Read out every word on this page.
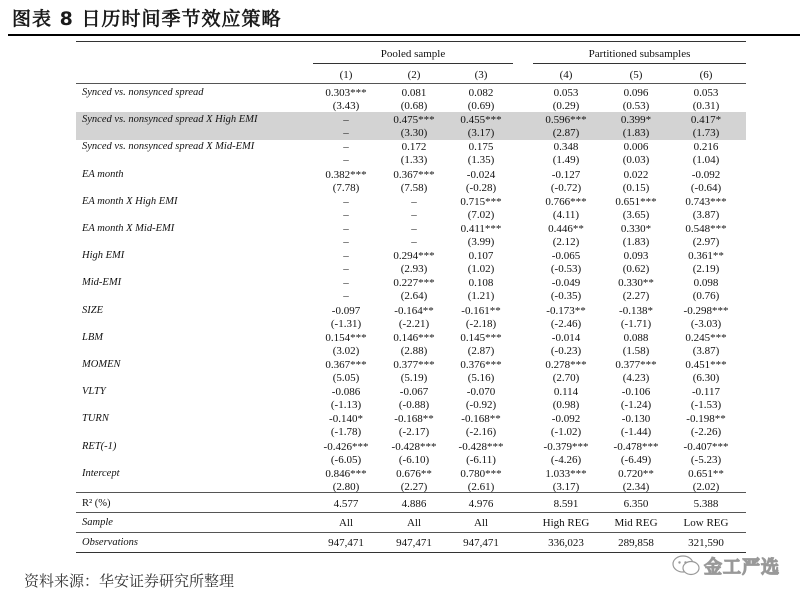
图表 8 日历时间季节效应策略
Pooled sample	Partitioned subsamples
(1)	(2)	(3)	(4)	(5)	(6)
Synced vs. nonsynced spread	0.303***	0.081	0.082	0.053	0.096	0.053
(3.43)	(0.68)	(0.69)	(0.29)	(0.53)	(0.31)
Synced vs. nonsynced spread X High EMI	–	0.475***	0.455***	0.596***	0.399*	0.417*
–	(3.30)	(3.17)	(2.87)	(1.83)	(1.73)
Synced vs. nonsynced spread X Mid-EMI	–	0.172	0.175	0.348	0.006	0.216
–	(1.33)	(1.35)	(1.49)	(0.03)	(1.04)
EA month	0.382***	0.367***	-0.024	-0.127	0.022	-0.092
(7.78)	(7.58)	(-0.28)	(-0.72)	(0.15)	(-0.64)
EA month X High EMI	–	–	0.715***	0.766***	0.651***	0.743***
–	–	(7.02)	(4.11)	(3.65)	(3.87)
EA month X Mid-EMI	–	–	0.411***	0.446**	0.330*	0.548***
–	–	(3.99)	(2.12)	(1.83)	(2.97)
High EMI	–	0.294***	0.107	-0.065	0.093	0.361**
–	(2.93)	(1.02)	(-0.53)	(0.62)	(2.19)
Mid-EMI	–	0.227***	0.108	-0.049	0.330**	0.098
–	(2.64)	(1.21)	(-0.35)	(2.27)	(0.76)
SIZE	-0.097	-0.164**	-0.161**	-0.173**	-0.138*	-0.298***
(-1.31)	(-2.21)	(-2.18)	(-2.46)	(-1.71)	(-3.03)
LBM	0.154***	0.146***	0.145***	-0.014	0.088	0.245***
(3.02)	(2.88)	(2.87)	(-0.23)	(1.58)	(3.87)
MOMEN	0.367***	0.377***	0.376***	0.278***	0.377***	0.451***
(5.05)	(5.19)	(5.16)	(2.70)	(4.23)	(6.30)
VLTY	-0.086	-0.067	-0.070	0.114	-0.106	-0.117
(-1.13)	(-0.88)	(-0.92)	(0.98)	(-1.24)	(-1.53)
TURN	-0.140*	-0.168**	-0.168**	-0.092	-0.130	-0.198**
(-1.78)	(-2.17)	(-2.16)	(-1.02)	(-1.44)	(-2.26)
RET(-1)	-0.426***	-0.428***	-0.428***	-0.379***	-0.478***	-0.407***
(-6.05)	(-6.10)	(-6.11)	(-4.26)	(-6.49)	(-5.23)
Intercept	0.846***	0.676**	0.780***	1.033***	0.720**	0.651**
(2.80)	(2.27)	(2.61)	(3.17)	(2.34)	(2.02)
R² (%)	4.577	4.886	4.976	8.591	6.350	5.388
Sample	All	All	All	High REG	Mid REG	Low REG
Observations	947,471	947,471	947,471	336,023	289,858	321,590
资料来源：华安证券研究所整理
金工严选
